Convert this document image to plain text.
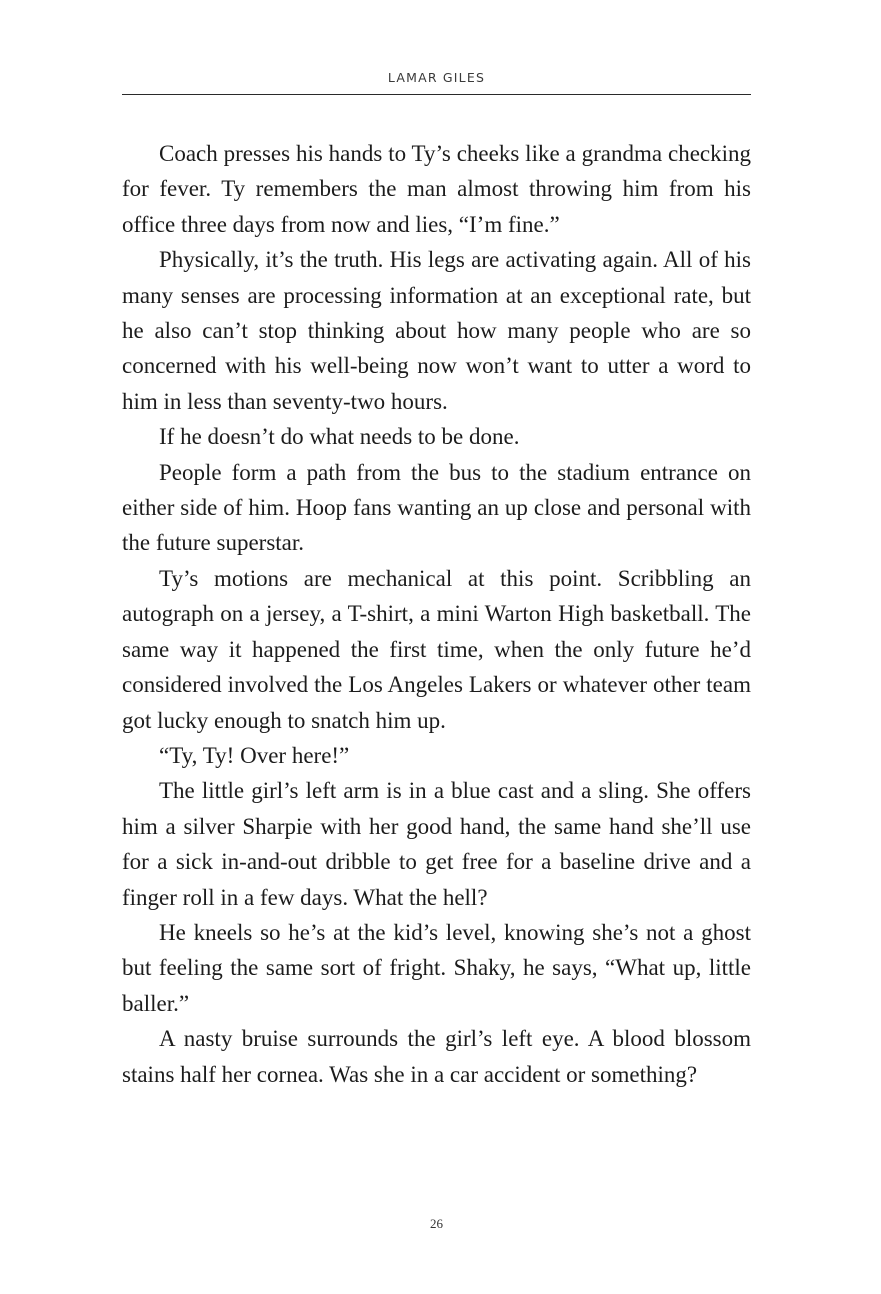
LAMAR GILES

Coach presses his hands to Ty’s cheeks like a grandma checking for fever. Ty remembers the man almost throwing him from his office three days from now and lies, “I’m fine.”

Physically, it’s the truth. His legs are activating again. All of his many senses are processing information at an exceptional rate, but he also can’t stop thinking about how many people who are so concerned with his well-being now won’t want to utter a word to him in less than seventy-two hours.

If he doesn’t do what needs to be done.

People form a path from the bus to the stadium entrance on either side of him. Hoop fans wanting an up close and personal with the future superstar.

Ty’s motions are mechanical at this point. Scribbling an autograph on a jersey, a T-shirt, a mini Warton High basketball. The same way it happened the first time, when the only future he’d considered involved the Los Angeles Lakers or whatever other team got lucky enough to snatch him up.

“Ty, Ty! Over here!”

The little girl’s left arm is in a blue cast and a sling. She offers him a silver Sharpie with her good hand, the same hand she’ll use for a sick in-and-out dribble to get free for a baseline drive and a finger roll in a few days. What the hell?

He kneels so he’s at the kid’s level, knowing she’s not a ghost but feeling the same sort of fright. Shaky, he says, “What up, little baller.”

A nasty bruise surrounds the girl’s left eye. A blood blossom stains half her cornea. Was she in a car accident or something?

26
